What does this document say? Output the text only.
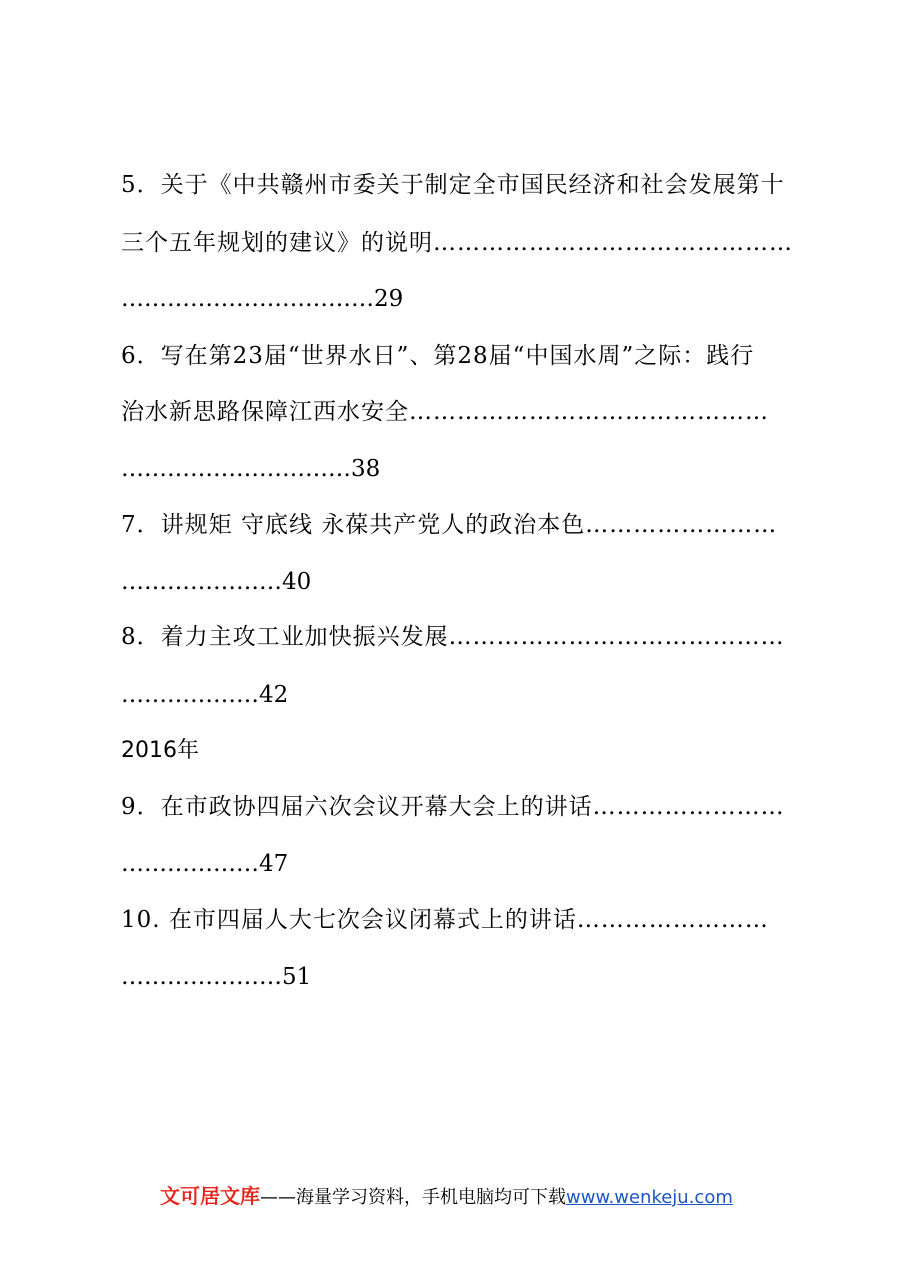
5．关于《中共赣州市委关于制定全市国民经济和社会发展第十
三个五年规划的建议》的说明………………………………………
……………………………29
6．写在第23届“世界水日”、第28届“中国水周”之际：践行
治水新思路保障江西水安全………………………………………
…………………………38
7．讲规矩 守底线 永葆共产党人的政治本色……………………
…………………40
8．着力主攻工业加快振兴发展……………………………………
………………42
2016年
9．在市政协四届六次会议开幕大会上的讲话……………………
………………47
10. 在市四届人大七次会议闭幕式上的讲话……………………
…………………51
文可居文库——海量学习资料，手机电脑均可下载www.wenkeju.com
